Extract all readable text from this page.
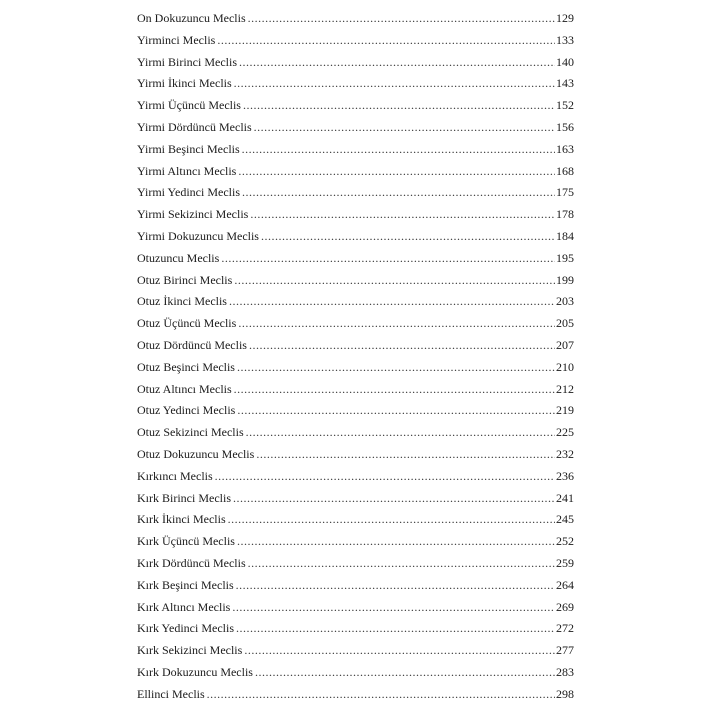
On Dokuzuncu Meclis .....	129
Yirminci Meclis .....	133
Yirmi Birinci Meclis .....	140
Yirmi İkinci Meclis .....	143
Yirmi Üçüncü Meclis .....	152
Yirmi Dördüncü Meclis .....	156
Yirmi Beşinci Meclis .....	163
Yirmi Altıncı Meclis .....	168
Yirmi Yedinci Meclis .....	175
Yirmi Sekizinci Meclis .....	178
Yirmi Dokuzuncu Meclis .....	184
Otuzuncu Meclis .....	195
Otuz Birinci Meclis .....	199
Otuz İkinci Meclis .....	203
Otuz Üçüncü Meclis .....	205
Otuz Dördüncü Meclis .....	207
Otuz Beşinci Meclis .....	210
Otuz Altıncı Meclis .....	212
Otuz Yedinci Meclis .....	219
Otuz Sekizinci Meclis .....	225
Otuz Dokuzuncu Meclis .....	232
Kırkıncı Meclis .....	236
Kırk Birinci Meclis .....	241
Kırk İkinci Meclis .....	245
Kırk Üçüncü Meclis .....	252
Kırk Dördüncü Meclis .....	259
Kırk Beşinci Meclis .....	264
Kırk Altıncı Meclis .....	269
Kırk Yedinci Meclis .....	272
Kırk Sekizinci Meclis .....	277
Kırk Dokuzuncu Meclis .....	283
Ellinci Meclis .....	298
